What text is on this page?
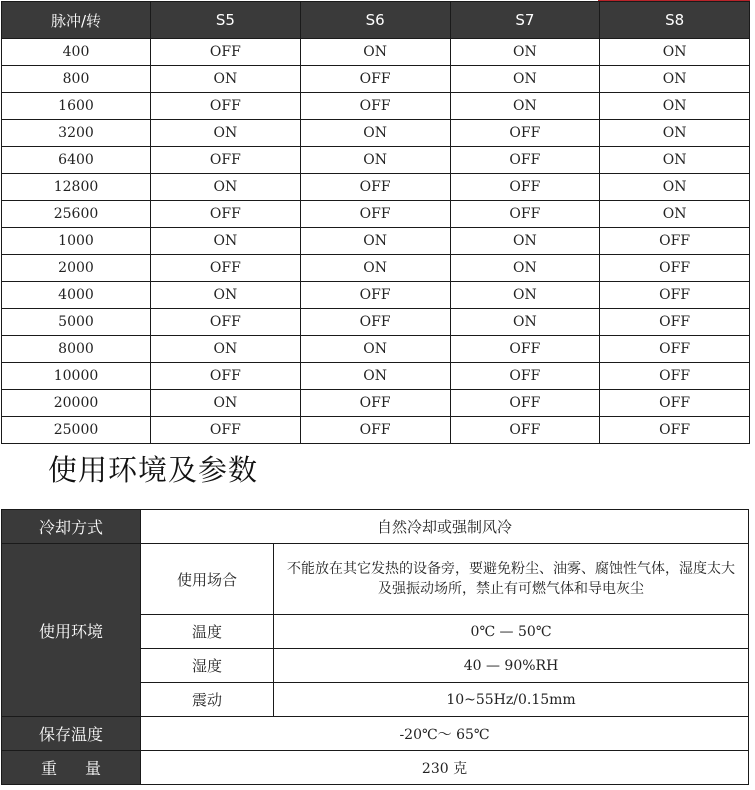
脉冲/转	S5	S6	S7	S8
400	OFF	ON	ON	ON
800	ON	OFF	ON	ON
1600	OFF	OFF	ON	ON
3200	ON	ON	OFF	ON
6400	OFF	ON	OFF	ON
12800	ON	OFF	OFF	ON
25600	OFF	OFF	OFF	ON
1000	ON	ON	ON	OFF
2000	OFF	ON	ON	OFF
4000	ON	OFF	ON	OFF
5000	OFF	OFF	ON	OFF
8000	ON	ON	OFF	OFF
10000	OFF	ON	OFF	OFF
20000	ON	OFF	OFF	OFF
25000	OFF	OFF	OFF	OFF
使用环境及参数
冷却方式	自然冷却或强制风冷	
使用环境	使用场合	不能放在其它发热的设备旁，要避免粉尘、油雾、腐蚀性气体，湿度太大及强振动场所，禁止有可燃气体和导电灰尘
	温度	0℃ — 50℃
	湿度	40 — 90%RH
	震动	10~55Hz/0.15mm
保存温度	-20℃～ 65℃	
重量	230 克	
